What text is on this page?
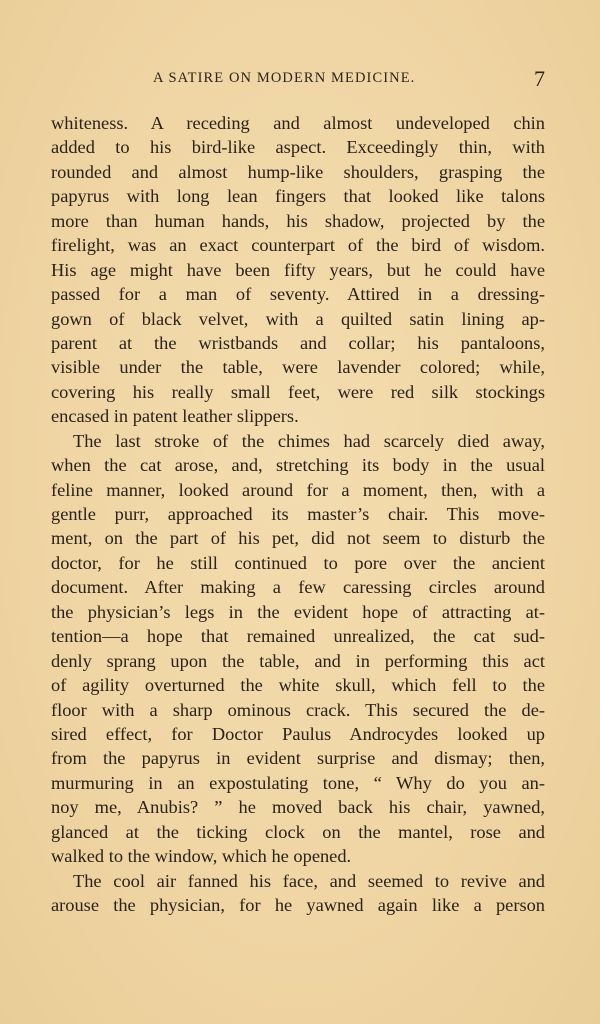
A SATIRE ON MODERN MEDICINE.	7
whiteness. A receding and almost undeveloped chin
added to his bird-like aspect. Exceedingly thin, with
rounded and almost hump-like shoulders, grasping the
papyrus with long lean fingers that looked like talons
more than human hands, his shadow, projected by the
firelight, was an exact counterpart of the bird of wisdom.
His age might have been fifty years, but he could have
passed for a man of seventy. Attired in a dressing-
gown of black velvet, with a quilted satin lining ap-
parent at the wristbands and collar; his pantaloons,
visible under the table, were lavender colored; while,
covering his really small feet, were red silk stockings
encased in patent leather slippers.
The last stroke of the chimes had scarcely died away,
when the cat arose, and, stretching its body in the usual
feline manner, looked around for a moment, then, with a
gentle purr, approached its master’s chair. This move-
ment, on the part of his pet, did not seem to disturb the
doctor, for he still continued to pore over the ancient
document. After making a few caressing circles around
the physician’s legs in the evident hope of attracting at-
tention—a hope that remained unrealized, the cat sud-
denly sprang upon the table, and in performing this act
of agility overturned the white skull, which fell to the
floor with a sharp ominous crack. This secured the de-
sired effect, for Doctor Paulus Androcydes looked up
from the papyrus in evident surprise and dismay; then,
murmuring in an expostulating tone, “ Why do you an-
noy me, Anubis? ” he moved back his chair, yawned,
glanced at the ticking clock on the mantel, rose and
walked to the window, which he opened.
The cool air fanned his face, and seemed to revive and
arouse the physician, for he yawned again like a person
